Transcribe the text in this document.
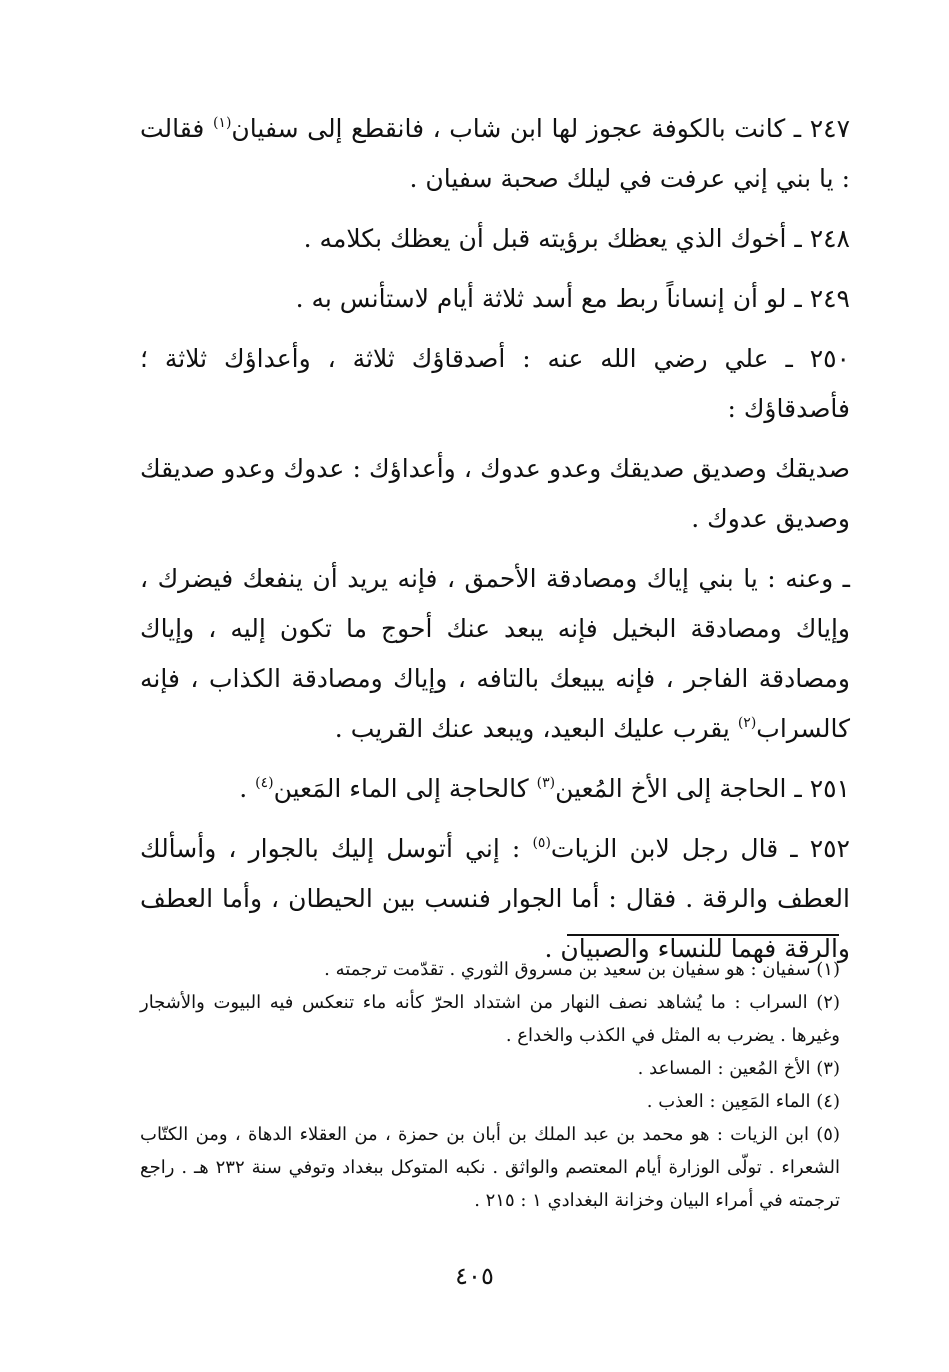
٢٤٧ ـ كانت بالكوفة عجوز لها ابن شاب ، فانقطع إلى سفيان$^{(١)}$ فقالت : يا بني إني عرفت في ليلك صحبة سفيان .

٢٤٨ ـ أخوك الذي يعظك برؤيته قبل أن يعظك بكلامه .

٢٤٩ ـ لو أن إنساناً ربط مع أسد ثلاثة أيام لاستأنس به .

٢٥٠ ـ علي رضي الله عنه : أصدقاؤك ثلاثة ، وأعداؤك ثلاثة ؛ فأصدقاؤك :

صديقك وصديق صديقك وعدو عدوك ، وأعداؤك : عدوك وعدو صديقك وصديق عدوك .

ـ وعنه : يا بني إياك ومصادقة الأحمق ، فإنه يريد أن ينفعك فيضرك ، وإياك ومصادقة البخيل فإنه يبعد عنك أحوج ما تكون إليه ، وإياك ومصادقة الفاجر ، فإنه يبيعك بالتافه ، وإياك ومصادقة الكذاب ، فإنه كالسراب$^{(٢)}$ يقرب عليك البعيد، ويبعد عنك القريب .

٢٥١ ـ الحاجة إلى الأخ المُعين$^{(٣)}$ كالحاجة إلى الماء المَعين$^{(٤)}$ .

٢٥٢ ـ قال رجل لابن الزيات$^{(٥)}$ : إني أتوسل إليك بالجوار ، وأسألك العطف والرقة . فقال : أما الجوار فنسب بين الحيطان ، وأما العطف والرقة فهما للنساء والصبيان .

(١) سفيان : هو سفيان بن سعيد بن مسروق الثوري . تقدّمت ترجمته .

(٢) السراب : ما يُشاهد نصف النهار من اشتداد الحرّ كأنه ماء تنعكس فيه البيوت والأشجار وغيرها . يضرب به المثل في الكذب والخداع .

(٣) الأخ المُعين : المساعد .

(٤) الماء المَعِين : العذب .

(٥) ابن الزيات : هو محمد بن عبد الملك بن أبان بن حمزة ، من العقلاء الدهاة ، ومن الكتّاب الشعراء . تولّى الوزارة أيام المعتصم والواثق . نكبه المتوكل ببغداد وتوفي سنة ٢٣٢ هـ . راجع ترجمته في أمراء البيان وخزانة البغدادي ١ : ٢١٥ .

٤٠٥
